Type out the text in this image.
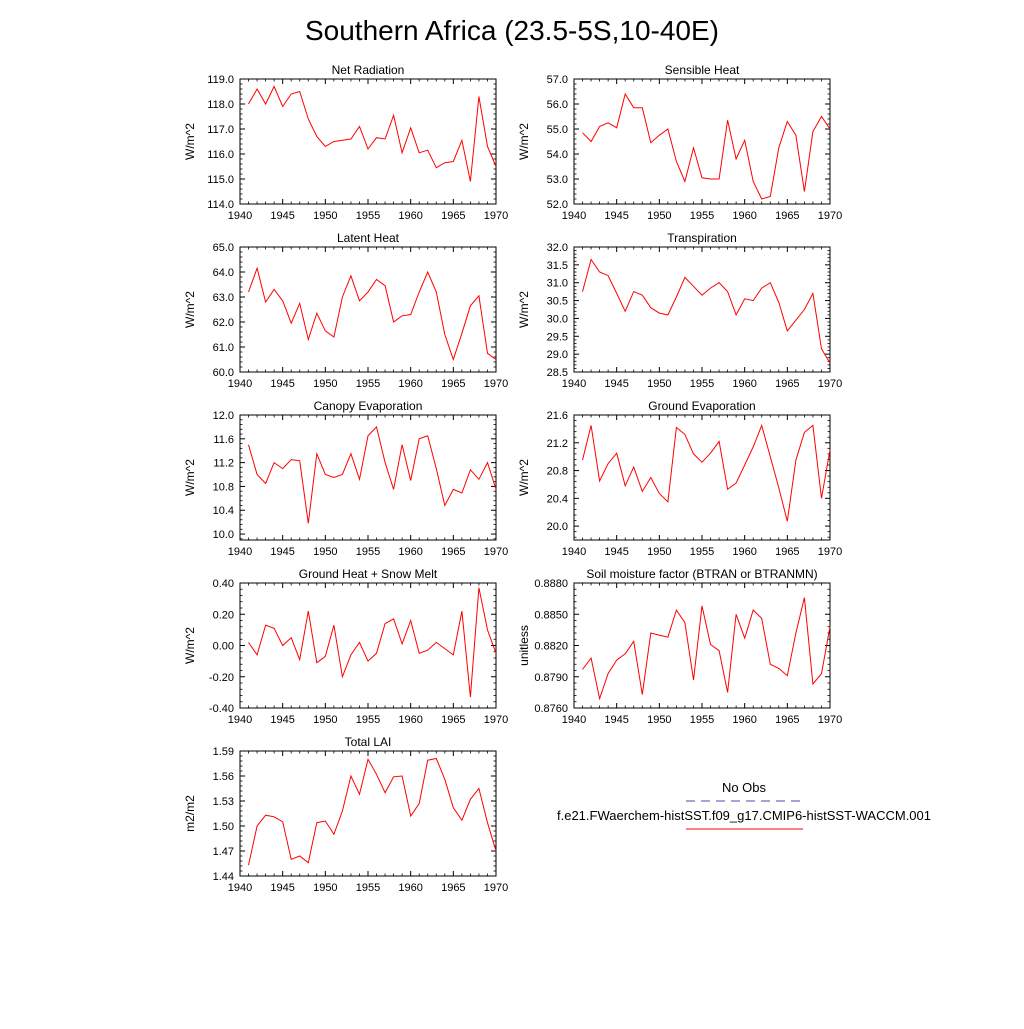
Southern Africa (23.5-5S,10-40E)
Net Radiation
1940 1945 1950 1955 1960 1965 1970
114.0
115.0
116.0
117.0
118.0
119.0
W/m^2
Sensible Heat
1940 1945 1950 1955 1960 1965 1970
52.0
53.0
54.0
55.0
56.0
57.0
W/m^2
Latent Heat
1940 1945 1950 1955 1960 1965 1970
60.0
61.0
62.0
63.0
64.0
65.0
W/m^2
Transpiration
1940 1945 1950 1955 1960 1965 1970
28.5
29.0
29.5
30.0
30.5
31.0
31.5
32.0
W/m^2
Canopy Evaporation
1940 1945 1950 1955 1960 1965 1970
10.0
10.4
10.8
11.2
11.6
12.0
W/m^2
Ground Evaporation
1940 1945 1950 1955 1960 1965 1970
20.0
20.4
20.8
21.2
21.6
W/m^2
Ground Heat + Snow Melt
1940 1945 1950 1955 1960 1965 1970
-0.40
-0.20
0.00
0.20
0.40
W/m^2
Soil moisture factor (BTRAN or BTRANMN)
1940 1945 1950 1955 1960 1965 1970
0.8760
0.8790
0.8820
0.8850
0.8880
unitless
Total LAI
1940 1945 1950 1955 1960 1965 1970
1.44
1.47
1.50
1.53
1.56
1.59
m2/m2
No Obs
f.e21.FWaerchem-histSST.f09_g17.CMIP6-histSST-WACCM.001
